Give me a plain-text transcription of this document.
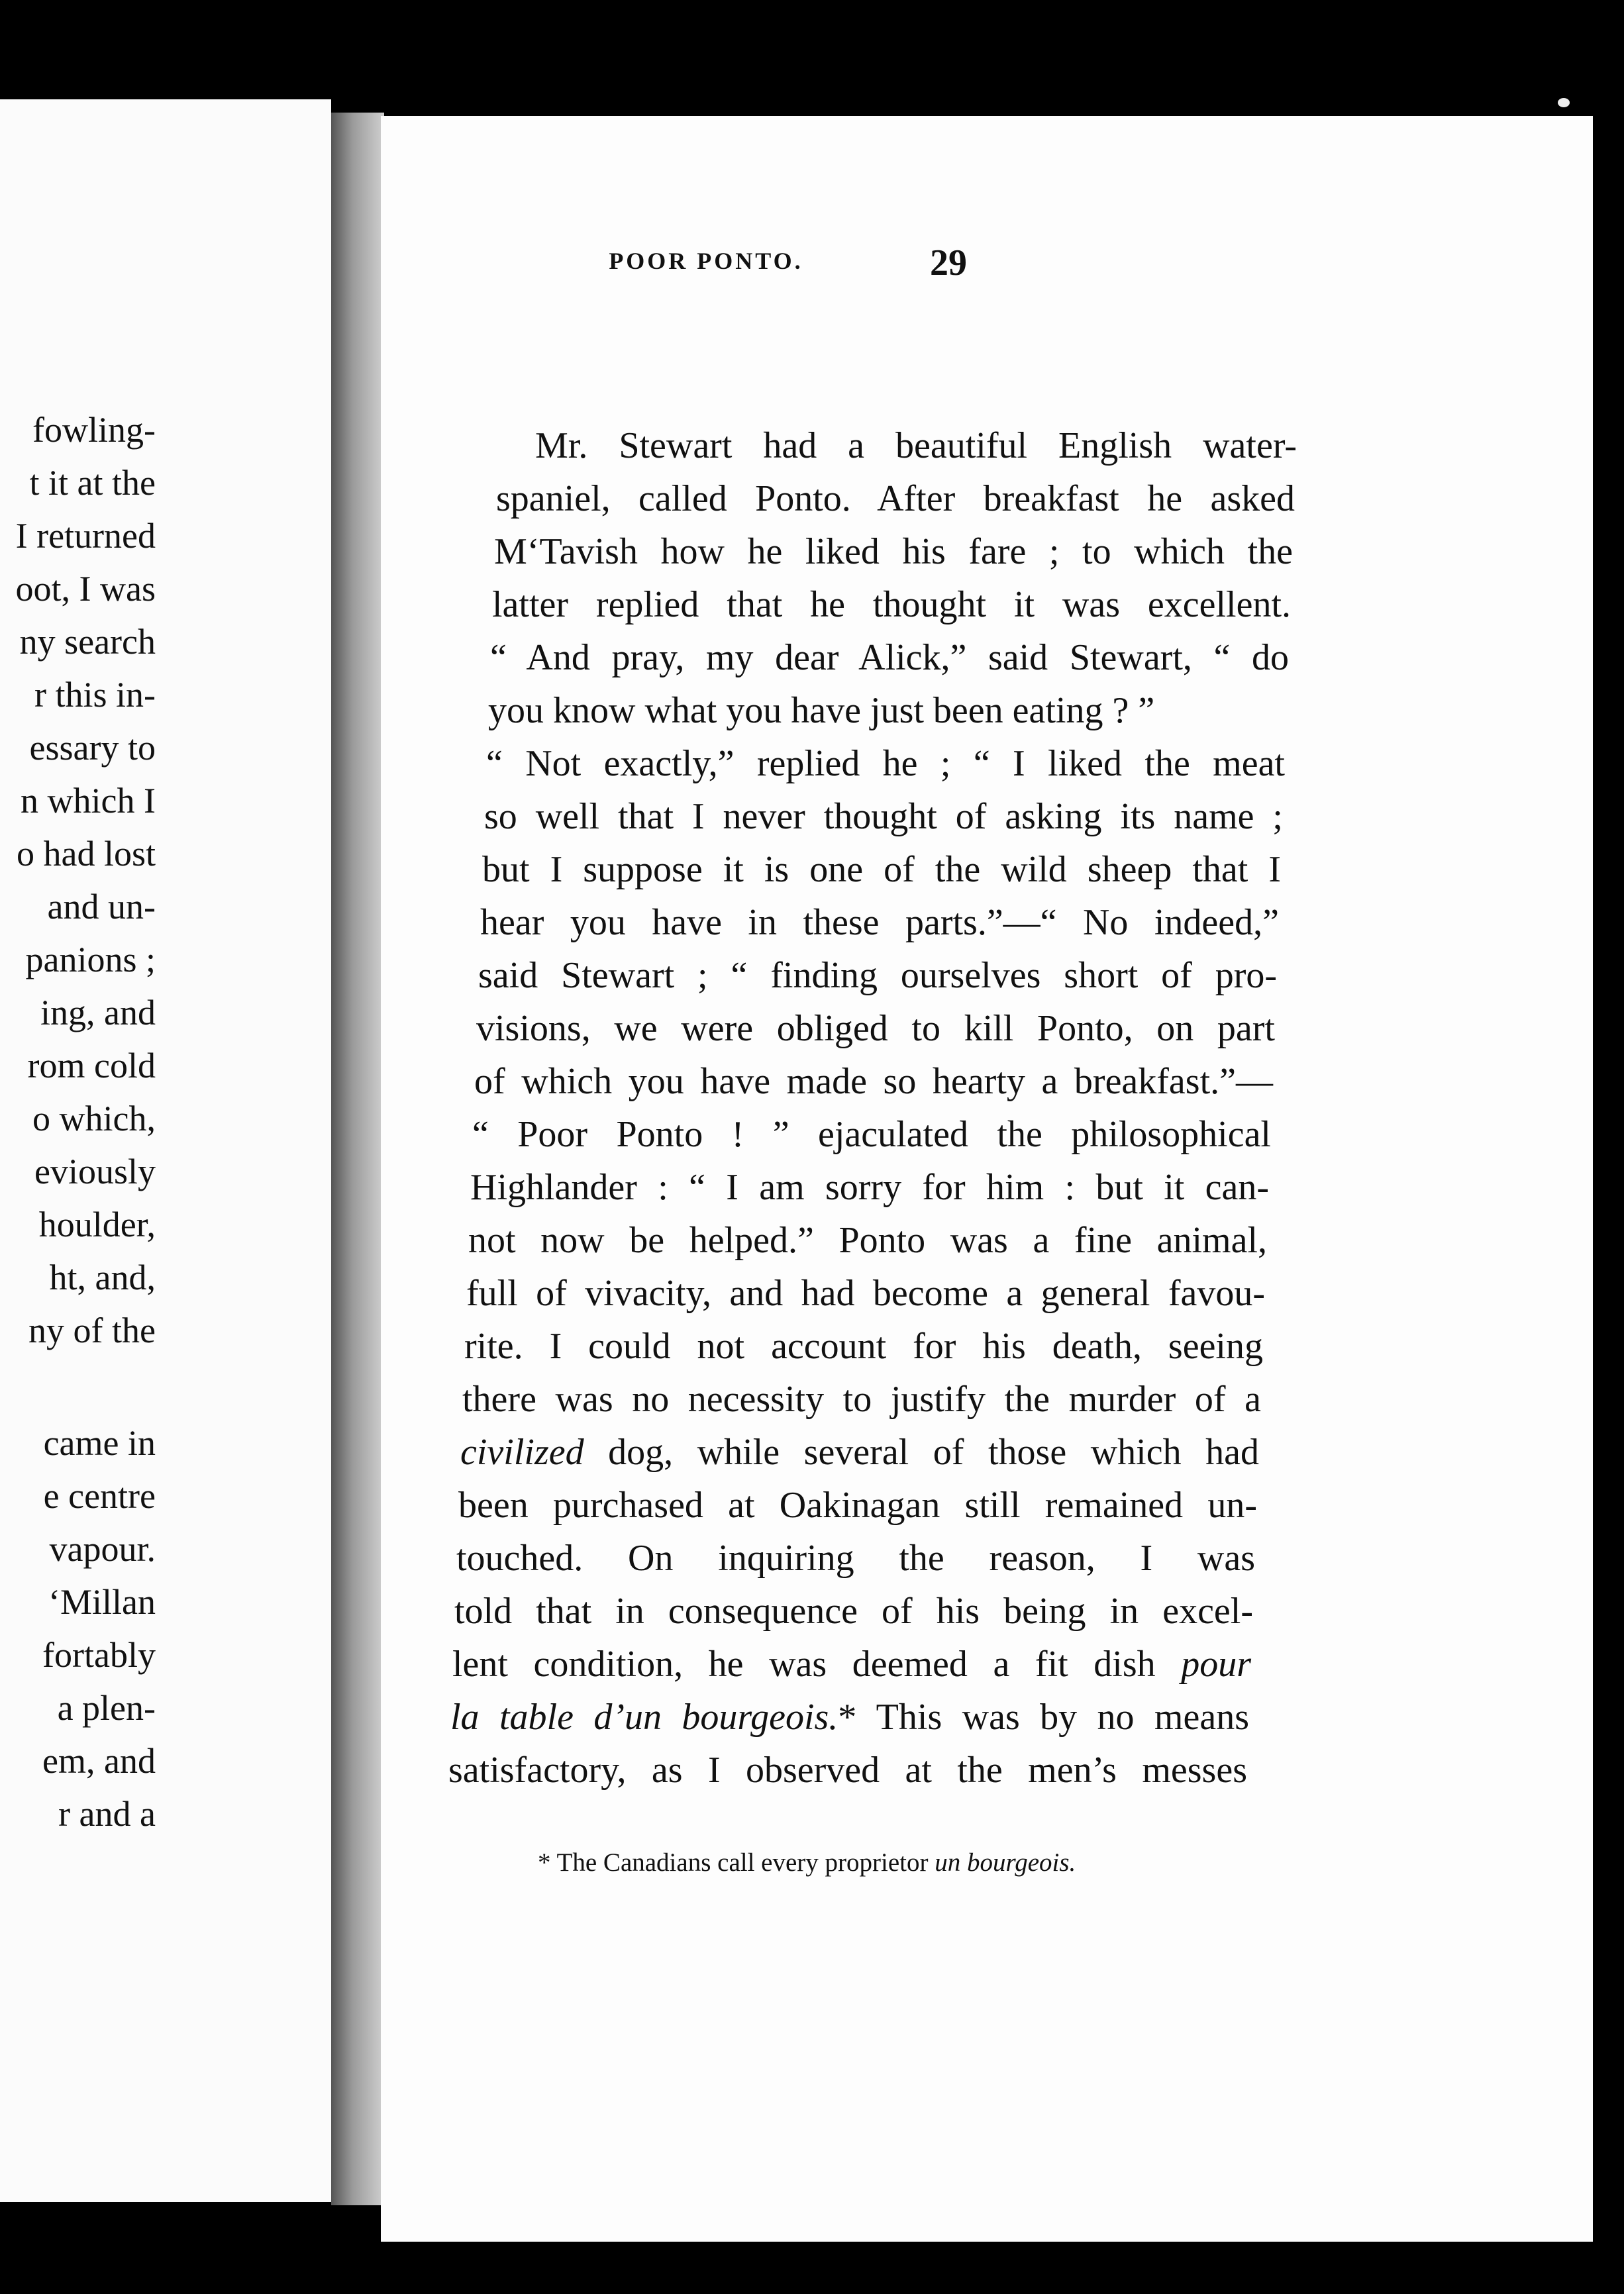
fowling-
t it at the
I returned
oot, I was
ny search
r this in-
essary to
n which I
o had lost
and un-
panions ;
ing, and
rom cold
o which,
eviously
houlder,
ht, and,
ny of the
came in
e centre
vapour.
‘Millan
fortably
a plen-
em, and
r and a
POOR PONTO.	29
Mr. Stewart had a beautiful English water-
spaniel, called Ponto. After breakfast he asked
M‘Tavish how he liked his fare ; to which the
latter replied that he thought it was excellent.
“ And pray, my dear Alick,” said Stewart, “ do
you know what you have just been eating ? ”
“ Not exactly,” replied he ; “ I liked the meat
so well that I never thought of asking its name ;
but I suppose it is one of the wild sheep that I
hear you have in these parts.”—“ No indeed,”
said Stewart ; “ finding ourselves short of pro-
visions, we were obliged to kill Ponto, on part
of which you have made so hearty a breakfast.”—
“ Poor Ponto ! ” ejaculated the philosophical
Highlander : “ I am sorry for him : but it can-
not now be helped.” Ponto was a fine animal,
full of vivacity, and had become a general favou-
rite. I could not account for his death, seeing
there was no necessity to justify the murder of a
civilized dog, while several of those which had
been purchased at Oakinagan still remained un-
touched. On inquiring the reason, I was
told that in consequence of his being in excel-
lent condition, he was deemed a fit dish pour
la table d’un bourgeois.* This was by no means
satisfactory, as I observed at the men’s messes
* The Canadians call every proprietor un bourgeois.
